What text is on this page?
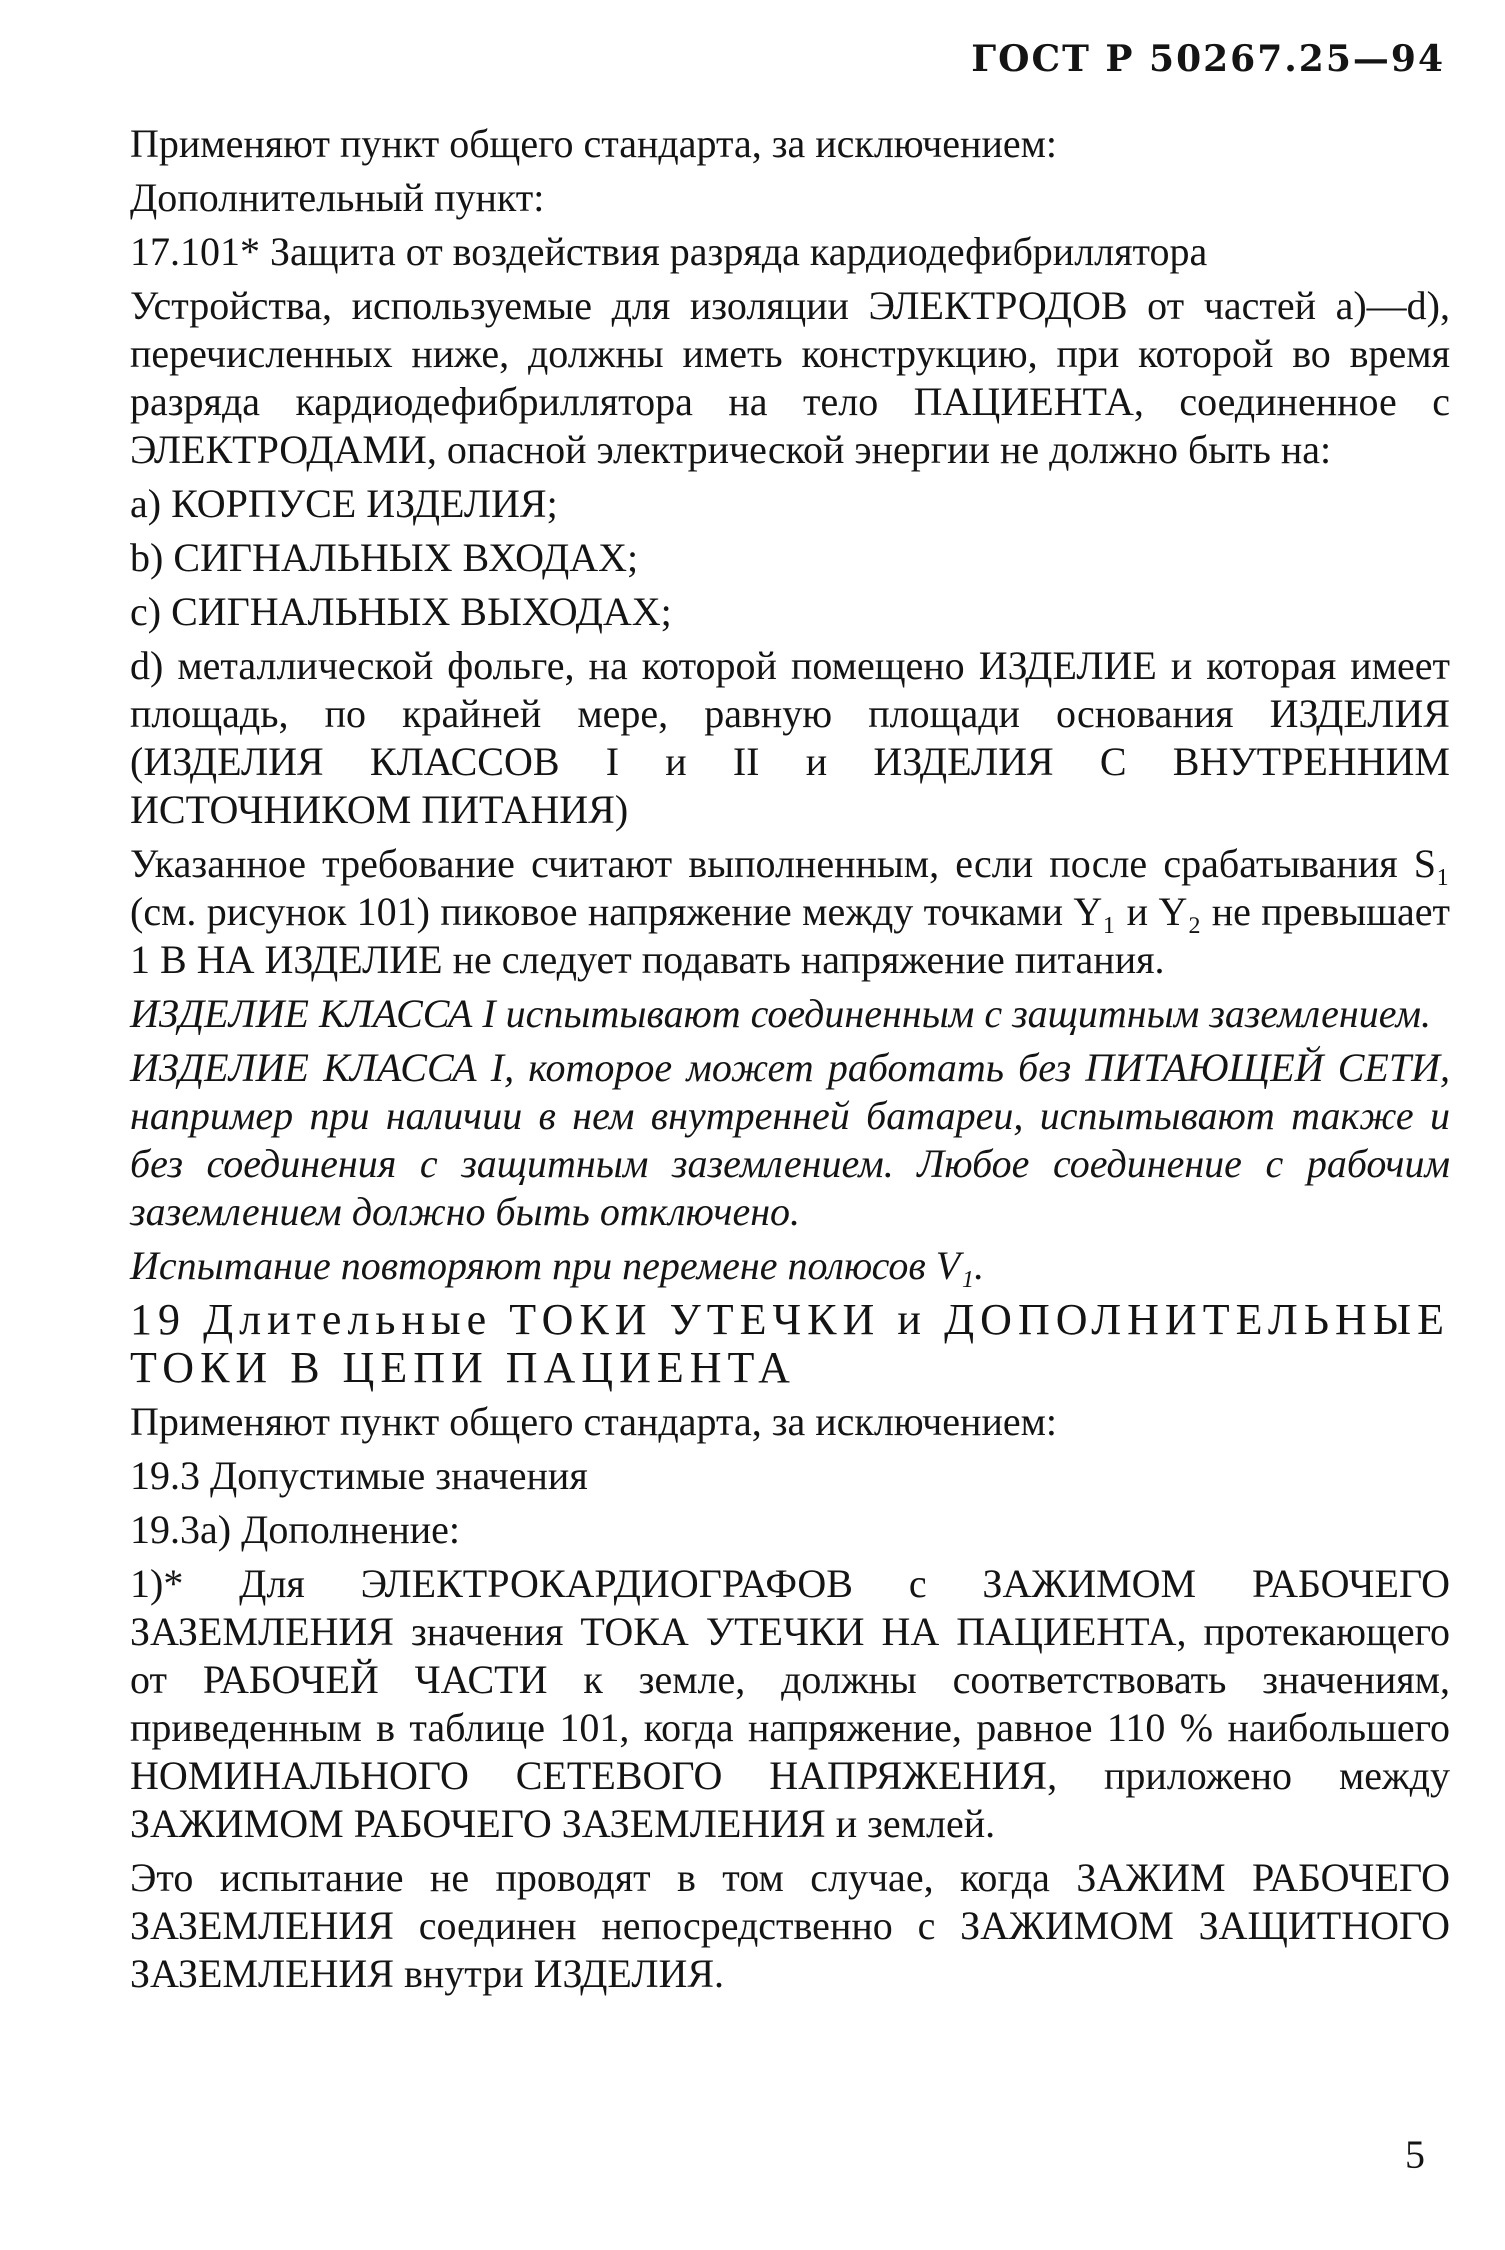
ГОСТ Р 50267.25—94

Применяют пункт общего стандарта, за исключением:

Дополнительный пункт:

17.101* Защита от воздействия разряда кардиодефибриллятора

Устройства, используемые для изоляции ЭЛЕКТРОДОВ от частей a)—d), перечисленных ниже, должны иметь конструкцию, при которой во время разряда кардиодефибриллятора на тело ПАЦИЕНТА, соединенное с ЭЛЕКТРОДАМИ, опасной электрической энергии не должно быть на:

a) КОРПУСЕ ИЗДЕЛИЯ;

b) СИГНАЛЬНЫХ ВХОДАХ;

c) СИГНАЛЬНЫХ ВЫХОДАХ;

d) металлической фольге, на которой помещено ИЗДЕЛИЕ и которая имеет площадь, по крайней мере, равную площади основания ИЗДЕЛИЯ (ИЗДЕЛИЯ КЛАССОВ I и II и ИЗДЕЛИЯ С ВНУТРЕННИМ ИСТОЧНИКОМ ПИТАНИЯ)

Указанное требование считают выполненным, если после срабатывания S₁ (см. рисунок 101) пиковое напряжение между точками Y₁ и Y₂ не превышает 1 В НА ИЗДЕЛИЕ не следует подавать напряжение питания.

ИЗДЕЛИЕ КЛАССА I испытывают соединенным с защитным заземлением.

ИЗДЕЛИЕ КЛАССА I, которое может работать без ПИТАЮЩЕЙ СЕТИ, например при наличии в нем внутренней батареи, испытывают также и без соединения с защитным заземлением. Любое соединение с рабочим заземлением должно быть отключено.

Испытание повторяют при перемене полюсов V₁.

19 Длительные ТОКИ УТЕЧКИ и ДОПОЛНИТЕЛЬНЫЕ ТОКИ В ЦЕПИ ПАЦИЕНТА

Применяют пункт общего стандарта, за исключением:

19.3 Допустимые значения

19.3а) Дополнение:

1)* Для ЭЛЕКТРОКАРДИОГРАФОВ с ЗАЖИМОМ РАБОЧЕГО ЗАЗЕМЛЕНИЯ значения ТОКА УТЕЧКИ НА ПАЦИЕНТА, протекающего от РАБОЧЕЙ ЧАСТИ к земле, должны соответствовать значениям, приведенным в таблице 101, когда напряжение, равное 110 % наибольшего НОМИНАЛЬНОГО СЕТЕВОГО НАПРЯЖЕНИЯ, приложено между ЗАЖИМОМ РАБОЧЕГО ЗАЗЕМЛЕНИЯ и землей.

Это испытание не проводят в том случае, когда ЗАЖИМ РАБОЧЕГО ЗАЗЕМЛЕНИЯ соединен непосредственно с ЗАЖИМОМ ЗАЩИТНОГО ЗАЗЕМЛЕНИЯ внутри ИЗДЕЛИЯ.

5
